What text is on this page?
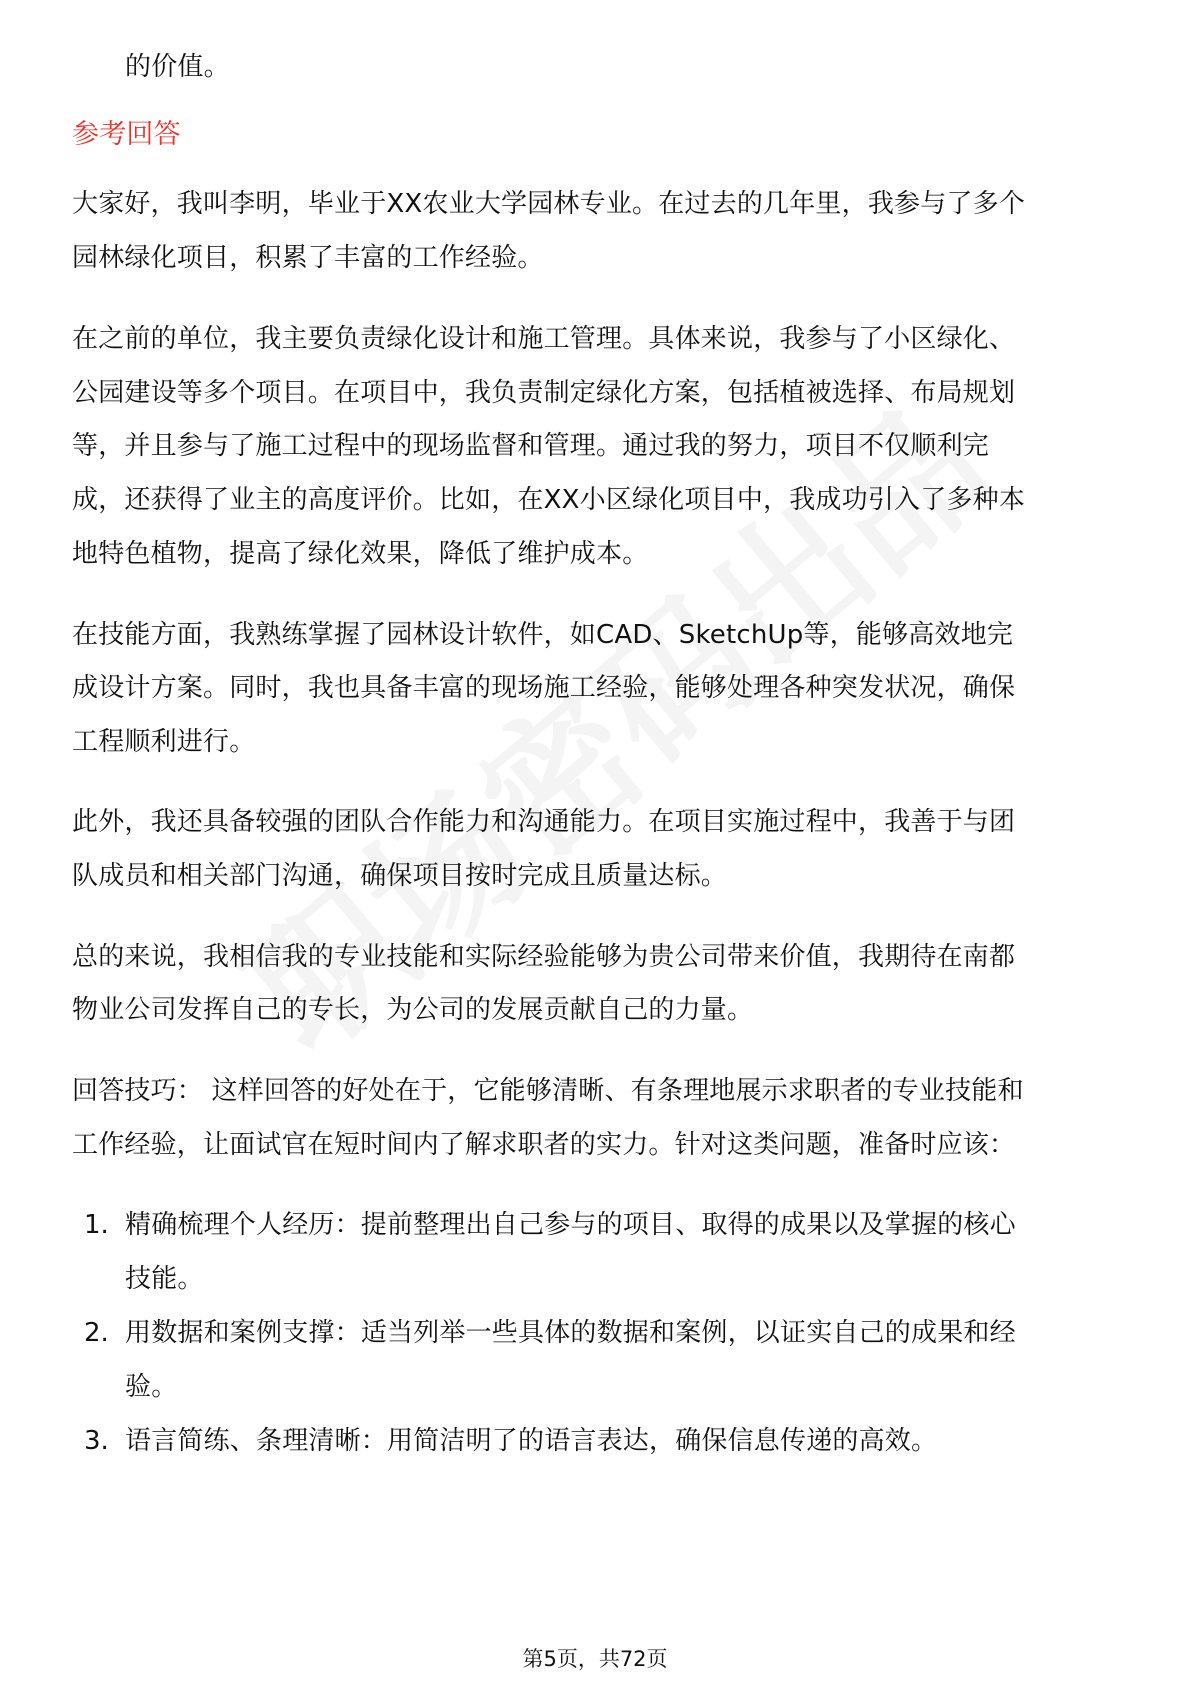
的价值。
参考回答
大家好，我叫李明，毕业于XX农业大学园林专业。在过去的几年里，我参与了多个
园林绿化项目，积累了丰富的工作经验。
在之前的单位，我主要负责绿化设计和施工管理。具体来说，我参与了小区绿化、
公园建设等多个项目。在项目中，我负责制定绿化方案，包括植被选择、布局规划
等，并且参与了施工过程中的现场监督和管理。通过我的努力，项目不仅顺利完
成，还获得了业主的高度评价。比如，在XX小区绿化项目中，我成功引入了多种本
地特色植物，提高了绿化效果，降低了维护成本。
在技能方面，我熟练掌握了园林设计软件，如CAD、SketchUp等，能够高效地完
成设计方案。同时，我也具备丰富的现场施工经验，能够处理各种突发状况，确保
工程顺利进行。
此外，我还具备较强的团队合作能力和沟通能力。在项目实施过程中，我善于与团
队成员和相关部门沟通，确保项目按时完成且质量达标。
总的来说，我相信我的专业技能和实际经验能够为贵公司带来价值，我期待在南都
物业公司发挥自己的专长，为公司的发展贡献自己的力量。
回答技巧： 这样回答的好处在于，它能够清晰、有条理地展示求职者的专业技能和
工作经验，让面试官在短时间内了解求职者的实力。针对这类问题，准备时应该：
1. 精确梳理个人经历：提前整理出自己参与的项目、取得的成果以及掌握的核心
技能。
2. 用数据和案例支撑：适当列举一些具体的数据和案例，以证实自己的成果和经
验。
3. 语言简练、条理清晰：用简洁明了的语言表达，确保信息传递的高效。
第5页，共72页
